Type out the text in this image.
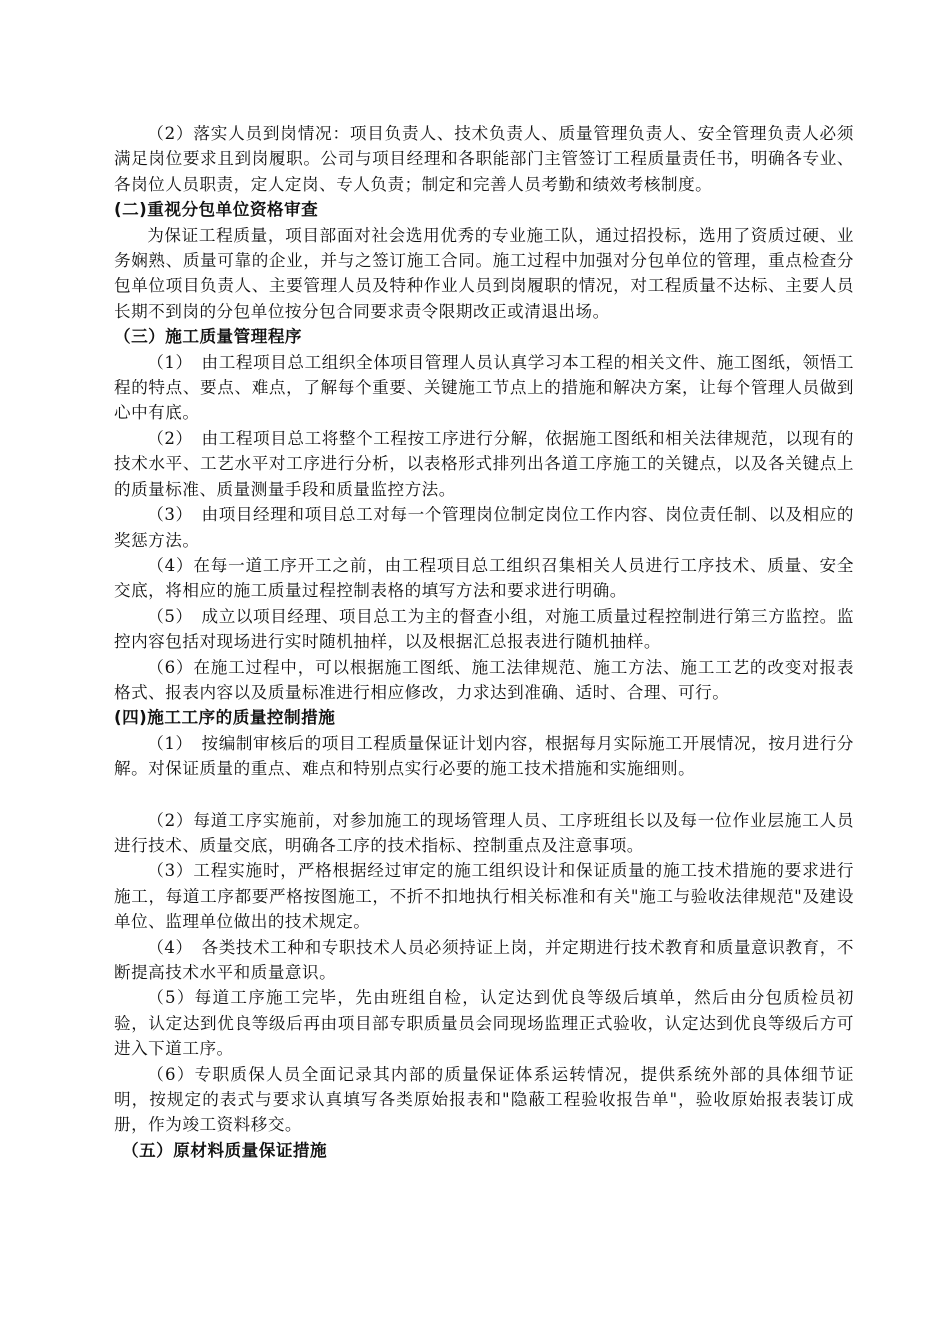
（2）落实人员到岗情况：项目负责人、技术负责人、质量管理负责人、安全管理负责人必须满足岗位要求且到岗履职。公司与项目经理和各职能部门主管签订工程质量责任书，明确各专业、各岗位人员职责，定人定岗、专人负责；制定和完善人员考勤和绩效考核制度。

(二)重视分包单位资格审查

为保证工程质量，项目部面对社会选用优秀的专业施工队，通过招投标，选用了资质过硬、业务娴熟、质量可靠的企业，并与之签订施工合同。施工过程中加强对分包单位的管理，重点检查分包单位项目负责人、主要管理人员及特种作业人员到岗履职的情况，对工程质量不达标、主要人员长期不到岗的分包单位按分包合同要求责令限期改正或清退出场。

（三）施工质量管理程序

（1）　由工程项目总工组织全体项目管理人员认真学习本工程的相关文件、施工图纸，领悟工程的特点、要点、难点，了解每个重要、关键施工节点上的措施和解决方案，让每个管理人员做到心中有底。

（2）　由工程项目总工将整个工程按工序进行分解，依据施工图纸和相关法律规范，以现有的技术水平、工艺水平对工序进行分析，以表格形式排列出各道工序施工的关键点，以及各关键点上的质量标准、质量测量手段和质量监控方法。

（3）　由项目经理和项目总工对每一个管理岗位制定岗位工作内容、岗位责任制、以及相应的奖惩方法。

（4）在每一道工序开工之前，由工程项目总工组织召集相关人员进行工序技术、质量、安全交底，将相应的施工质量过程控制表格的填写方法和要求进行明确。

（5）　成立以项目经理、项目总工为主的督查小组，对施工质量过程控制进行第三方监控。监控内容包括对现场进行实时随机抽样，以及根据汇总报表进行随机抽样。

（6）在施工过程中，可以根据施工图纸、施工法律规范、施工方法、施工工艺的改变对报表格式、报表内容以及质量标准进行相应修改，力求达到准确、适时、合理、可行。

(四)施工工序的质量控制措施

（1）　按编制审核后的项目工程质量保证计划内容，根据每月实际施工开展情况，按月进行分解。对保证质量的重点、难点和特别点实行必要的施工技术措施和实施细则。

（2）每道工序实施前，对参加施工的现场管理人员、工序班组长以及每一位作业层施工人员进行技术、质量交底，明确各工序的技术指标、控制重点及注意事项。

（3）工程实施时，严格根据经过审定的施工组织设计和保证质量的施工技术措施的要求进行施工，每道工序都要严格按图施工，不折不扣地执行相关标准和有关"施工与验收法律规范"及建设单位、监理单位做出的技术规定。

（4）　各类技术工种和专职技术人员必须持证上岗，并定期进行技术教育和质量意识教育，不断提高技术水平和质量意识。

（5）每道工序施工完毕，先由班组自检，认定达到优良等级后填单，然后由分包质检员初验，认定达到优良等级后再由项目部专职质量员会同现场监理正式验收，认定达到优良等级后方可进入下道工序。

（6）专职质保人员全面记录其内部的质量保证体系运转情况，提供系统外部的具体细节证明，按规定的表式与要求认真填写各类原始报表和"隐蔽工程验收报告单"，验收原始报表装订成册，作为竣工资料移交。

（五）原材料质量保证措施
